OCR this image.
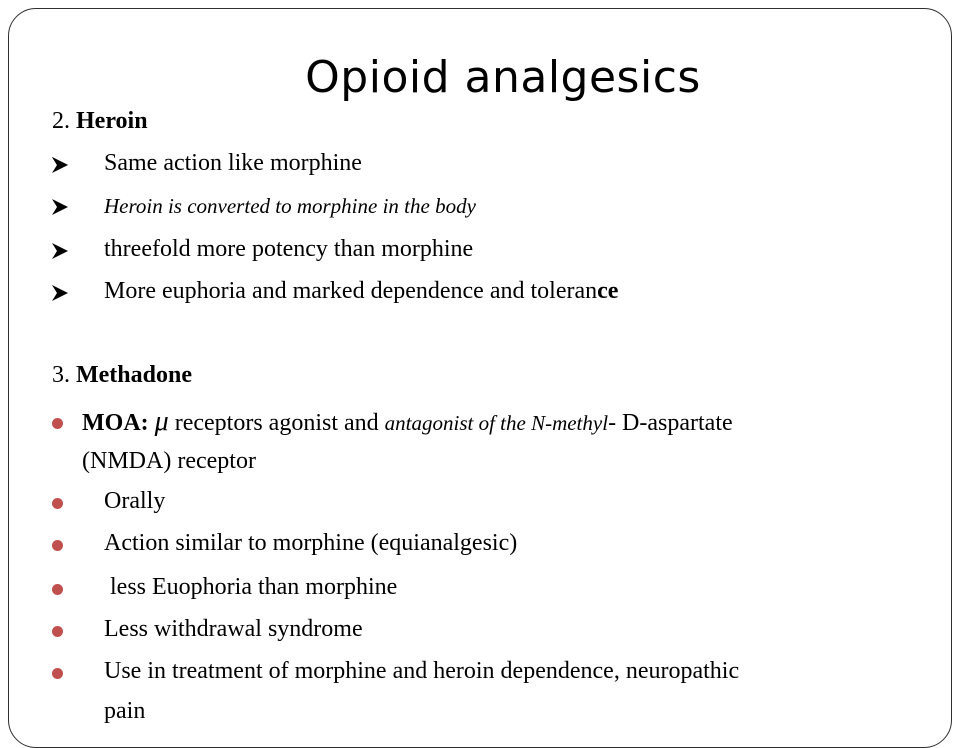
Opioid analgesics
2. Heroin
Same action like morphine
Heroin is converted to morphine in the body
threefold more potency than morphine
More euphoria and marked dependence and tolerance
3. Methadone
MOA: μ receptors agonist and antagonist of the N-methyl- D-aspartate
(NMDA) receptor
Orally
Action similar to morphine (equianalgesic)
less Euophoria than morphine
Less withdrawal syndrome
Use in treatment of morphine and heroin dependence, neuropathic
pain
